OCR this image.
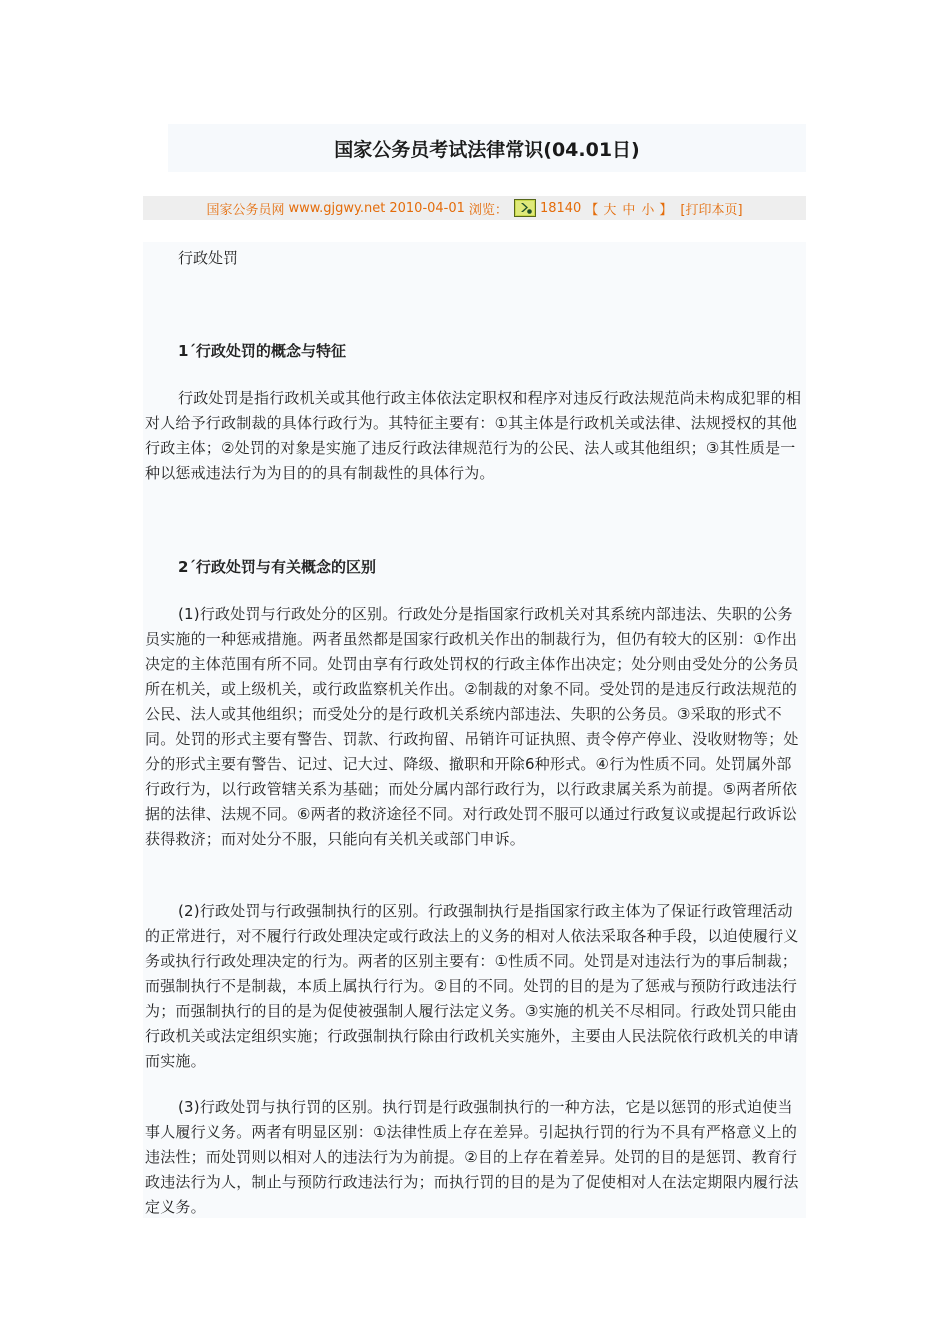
国家公务员考试法律常识(04.01日)
国家公务员网 www.gjgwy.net 2010-04-01 浏览： 18140 【 大 中 小 】 [打印本页]
行政处罚
1´行政处罚的概念与特征

行政处罚是指行政机关或其他行政主体依法定职权和程序对违反行政法规范尚未构成犯罪的相对人给予行政制裁的具体行政行为。其特征主要有：①其主体是行政机关或法律、法规授权的其他行政主体；②处罚的对象是实施了违反行政法律规范行为的公民、法人或其他组织；③其性质是一种以惩戒违法行为为目的的具有制裁性的具体行为。

2´行政处罚与有关概念的区别

(1)行政处罚与行政处分的区别。行政处分是指国家行政机关对其系统内部违法、失职的公务员实施的一种惩戒措施。两者虽然都是国家行政机关作出的制裁行为，但仍有较大的区别：①作出决定的主体范围有所不同。处罚由享有行政处罚权的行政主体作出决定；处分则由受处分的公务员所在机关，或上级机关，或行政监察机关作出。②制裁的对象不同。受处罚的是违反行政法规范的公民、法人或其他组织；而受处分的是行政机关系统内部违法、失职的公务员。③采取的形式不同。处罚的形式主要有警告、罚款、行政拘留、吊销许可证执照、责令停产停业、没收财物等；处分的形式主要有警告、记过、记大过、降级、撤职和开除6种形式。④行为性质不同。处罚属外部行政行为，以行政管辖关系为基础；而处分属内部行政行为，以行政隶属关系为前提。⑤两者所依据的法律、法规不同。⑥两者的救济途径不同。对行政处罚不服可以通过行政复议或提起行政诉讼获得救济；而对处分不服，只能向有关机关或部门申诉。

(2)行政处罚与行政强制执行的区别。行政强制执行是指国家行政主体为了保证行政管理活动的正常进行，对不履行行政处理决定或行政法上的义务的相对人依法采取各种手段，以迫使履行义务或执行行政处理决定的行为。两者的区别主要有：①性质不同。处罚是对违法行为的事后制裁；而强制执行不是制裁，本质上属执行行为。②目的不同。处罚的目的是为了惩戒与预防行政违法行为；而强制执行的目的是为促使被强制人履行法定义务。③实施的机关不尽相同。行政处罚只能由行政机关或法定组织实施；行政强制执行除由行政机关实施外，主要由人民法院依行政机关的申请而实施。

(3)行政处罚与执行罚的区别。执行罚是行政强制执行的一种方法，它是以惩罚的形式迫使当事人履行义务。两者有明显区别：①法律性质上存在差异。引起执行罚的行为不具有严格意义上的违法性；而处罚则以相对人的违法行为为前提。②目的上存在着差异。处罚的目的是惩罚、教育行政违法行为人，制止与预防行政违法行为；而执行罚的目的是为了促使相对人在法定期限内履行法定义务。
